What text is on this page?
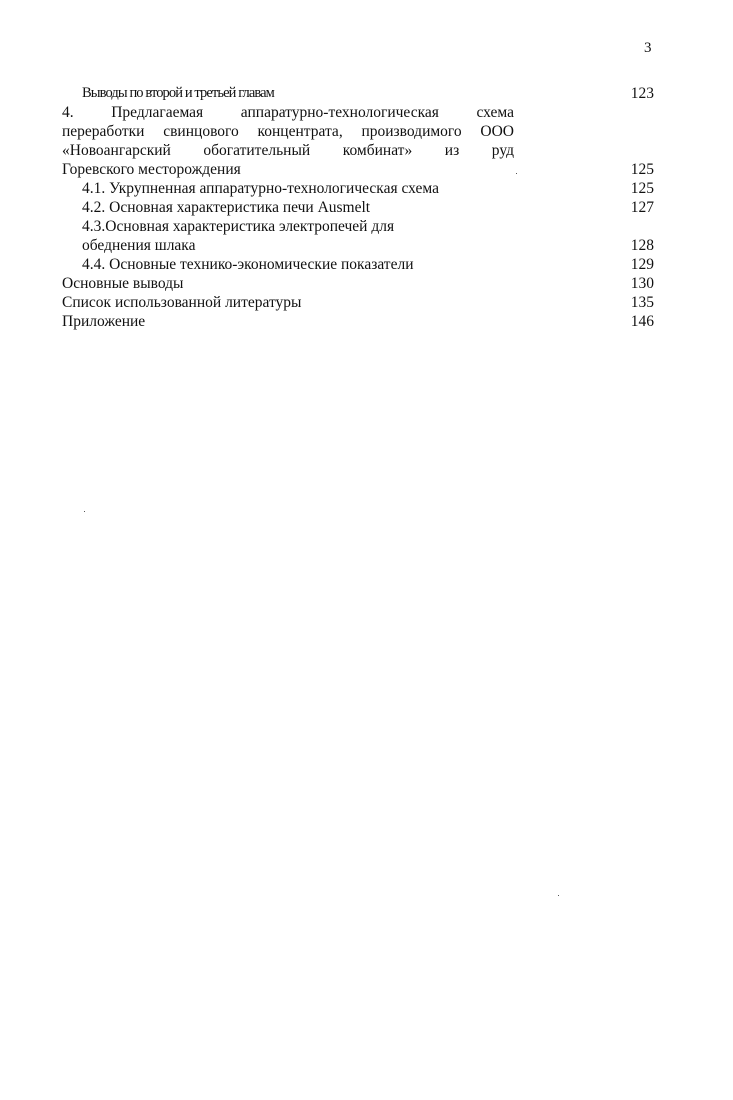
3
Выводы по второй и третьей главам	123
4. Предлагаемая аппаратурно-технологическая схема
переработки свинцового концентрата, производимого ООО
«Новоангарский обогатительный комбинат» из руд
Горевского месторождения	125
4.1. Укрупненная аппаратурно-технологическая схема	125
4.2. Основная характеристика печи Ausmelt	127
4.3.Основная характеристика электропечей для
обеднения шлака	128
4.4. Основные технико-экономические показатели	129
Основные выводы	130
Список использованной литературы	135
Приложение	146
